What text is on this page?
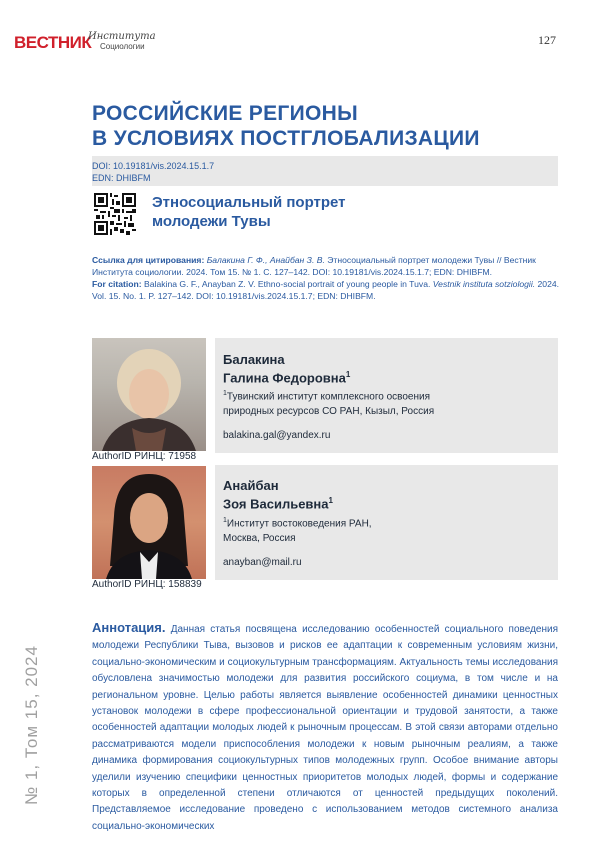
ВЕСТНИК
Института
Социологии	127
РОССИЙСКИЕ РЕГИОНЫ
В УСЛОВИЯХ ПОСТГЛОБАЛИЗАЦИИ
DOI: 10.19181/vis.2024.15.1.7
EDN: DHIBFM
Этносоциальный портрет
молодежи Тувы
Ссылка для цитирования: Балакина Г. Ф., Анайбан З. В. Этносоциальный портрет молодежи Тувы // Вестник Института социологии. 2024. Том 15. № 1. С. 127–142. DOI: 10.19181/vis.2024.15.1.7; EDN: DHIBFM.
For citation: Balakina G. F., Anayban Z. V. Ethno-social portrait of young people in Tuva. Vestnik instituta sotziologii. 2024. Vol. 15. No. 1. P. 127–142. DOI: 10.19181/vis.2024.15.1.7; EDN: DHIBFM.
AuthorID РИНЦ: 71958
Балакина
Галина Федоровна$^1$
$^1$Тувинский институт комплексного освоения
природных ресурсов СО РАН, Кызыл, Россия
balakina.gal@yandex.ru
AuthorID РИНЦ: 158839
Анайбан
Зоя Васильевна$^1$
$^1$Институт востоковедения РАН,
Москва, Россия
anayban@mail.ru
Аннотация. Данная статья посвящена исследованию особенностей социального поведения молодежи Республики Тыва, вызовов и рисков ее адаптации к современным условиям жизни, социально-экономическим и социокультурным трансформациям. Актуальность темы исследования обусловлена значимостью молодежи для развития российского социума, в том числе и на региональном уровне. Целью работы является выявление особенностей динамики ценностных установок молодежи в сфере профессиональной ориентации и трудовой занятости, а также особенностей адаптации молодых людей к рыночным процессам. В этой связи авторами отдельно рассматриваются модели приспособления молодежи к новым рыночным реалиям, а также динамика формирования социокультурных типов молодежных групп. Особое внимание авторы уделили изучению специфики ценностных приоритетов молодых людей, формы и содержание которых в определенной степени отличаются от ценностей предыдущих поколений. Представляемое исследование проведено с использованием методов системного анализа социально-экономических
№ 1, Том 15, 2024
